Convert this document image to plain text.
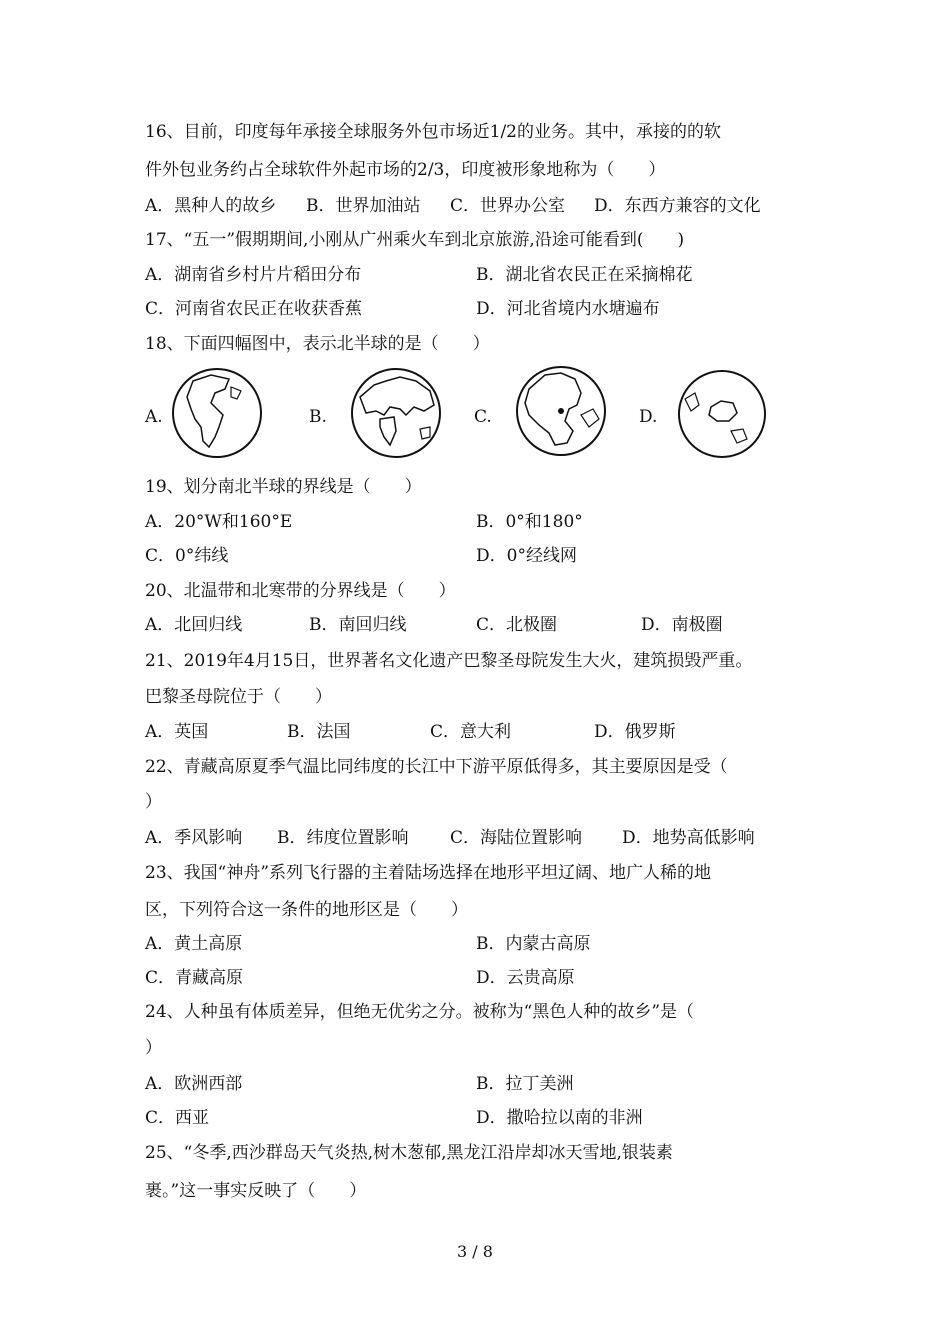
16、目前，印度每年承接全球服务外包市场近1/2的业务。其中，承接的的软
件外包业务约占全球软件外起市场的2/3，印度被形象地称为（　　）
A．黑种人的故乡 B．世界加油站 C．世界办公室 D．东西方兼容的文化
17、“五一”假期期间,小刚从广州乘火车到北京旅游,沿途可能看到(　　)
A．湖南省乡村片片稻田分布	B．湖北省农民正在采摘棉花
C．河南省农民正在收获香蕉	D．河北省境内水塘遍布
18、下面四幅图中，表示北半球的是（　　）
A.	B.	C.	D.
19、划分南北半球的界线是（　　）
A．20°W和160°E	B．0°和180°
C．0°纬线	D．0°经线网
20、北温带和北寒带的分界线是（　　）
A．北回归线	B．南回归线	C．北极圈	D．南极圈
21、2019年4月15日，世界著名文化遗产巴黎圣母院发生大火，建筑损毁严重。
巴黎圣母院位于（　　）
A．英国	B．法国	C．意大利	D．俄罗斯
22、青藏高原夏季气温比同纬度的长江中下游平原低得多，其主要原因是受（
）
A．季风影响 B．纬度位置影响 C．海陆位置影响 D．地势高低影响
23、我国“神舟”系列飞行器的主着陆场选择在地形平坦辽阔、地广人稀的地
区，下列符合这一条件的地形区是（　　）
A．黄土高原	B．内蒙古高原
C．青藏高原	D．云贵高原
24、人种虽有体质差异，但绝无优劣之分。被称为“黑色人种的故乡”是（
）
A．欧洲西部	B．拉丁美洲
C．西亚	D．撒哈拉以南的非洲
25、“冬季,西沙群岛天气炎热,树木葱郁,黑龙江沿岸却冰天雪地,银装素
裹。”这一事实反映了（　　）
3 / 8
